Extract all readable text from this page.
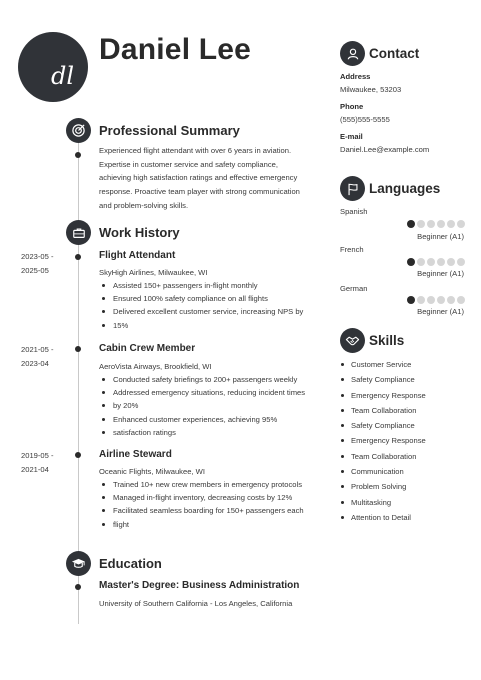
dl
Daniel Lee
Professional Summary
Experienced flight attendant with over 6 years in aviation.
Expertise in customer service and safety compliance,
achieving high satisfaction ratings and effective emergency
response. Proactive team player with strong communication
and problem-solving skills.
Work History
2023-05 -
2025-05
Flight Attendant
SkyHigh Airlines, Milwaukee, WI
Assisted 150+ passengers in-flight monthly
Ensured 100% safety compliance on all flights
Delivered excellent customer service, increasing NPS by
15%
2021-05 -
2023-04
Cabin Crew Member
AeroVista Airways, Brookfield, WI
Conducted safety briefings to 200+ passengers weekly
Addressed emergency situations, reducing incident times
by 20%
Enhanced customer experiences, achieving 95%
satisfaction ratings
2019-05 -
2021-04
Airline Steward
Oceanic Flights, Milwaukee, WI
Trained 10+ new crew members in emergency protocols
Managed in-flight inventory, decreasing costs by 12%
Facilitated seamless boarding for 150+ passengers each
flight
Education
Master's Degree: Business Administration
University of Southern California - Los Angeles, California
Contact
Address
Milwaukee, 53203
Phone
(555)555-5555
E-mail
Daniel.Lee@example.com
Languages
Spanish
Beginner (A1)
French
Beginner (A1)
German
Beginner (A1)
Skills
Customer Service
Safety Compliance
Emergency Response
Team Collaboration
Safety Compliance
Emergency Response
Team Collaboration
Communication
Problem Solving
Multitasking
Attention to Detail
